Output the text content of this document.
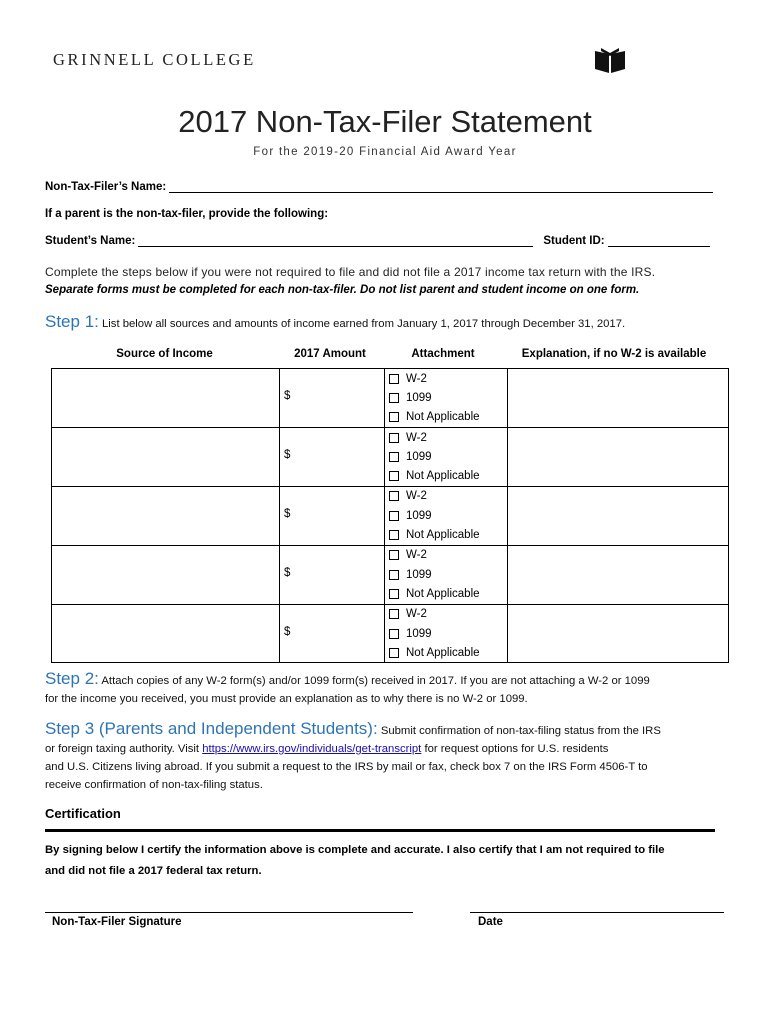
GRINNELL COLLEGE
2017 Non-Tax-Filer Statement
For the 2019-20 Financial Aid Award Year
Non-Tax-Filer’s Name:
If a parent is the non-tax-filer, provide the following:
Student’s Name:	Student ID:
Complete the steps below if you were not required to file and did not file a 2017 income tax return with the IRS.
Separate forms must be completed for each non-tax-filer. Do not list parent and student income on one form.
Step 1: List below all sources and amounts of income earned from January 1, 2017 through December 31, 2017.
Source of Income	2017 Amount	Attachment	Explanation, if no W-2 is available

	$	W-2
1099
Not Applicable	

	$	W-2
1099
Not Applicable	

	$	W-2
1099
Not Applicable	

	$	W-2
1099
Not Applicable	

	$	W-2
1099
Not Applicable	

Step 2: Attach copies of any W-2 form(s) and/or 1099 form(s) received in 2017. If you are not attaching a W-2 or 1099
for the income you received, you must provide an explanation as to why there is no W-2 or 1099.
Step 3 (Parents and Independent Students): Submit confirmation of non-tax-filing status from the IRS
or foreign taxing authority. Visit https://www.irs.gov/individuals/get-transcript for request options for U.S. residents
and U.S. Citizens living abroad. If you submit a request to the IRS by mail or fax, check box 7 on the IRS Form 4506-T to
receive confirmation of non-tax-filing status.
Certification
By signing below I certify the information above is complete and accurate. I also certify that I am not required to file
and did not file a 2017 federal tax return.
Non-Tax-Filer Signature	Date
